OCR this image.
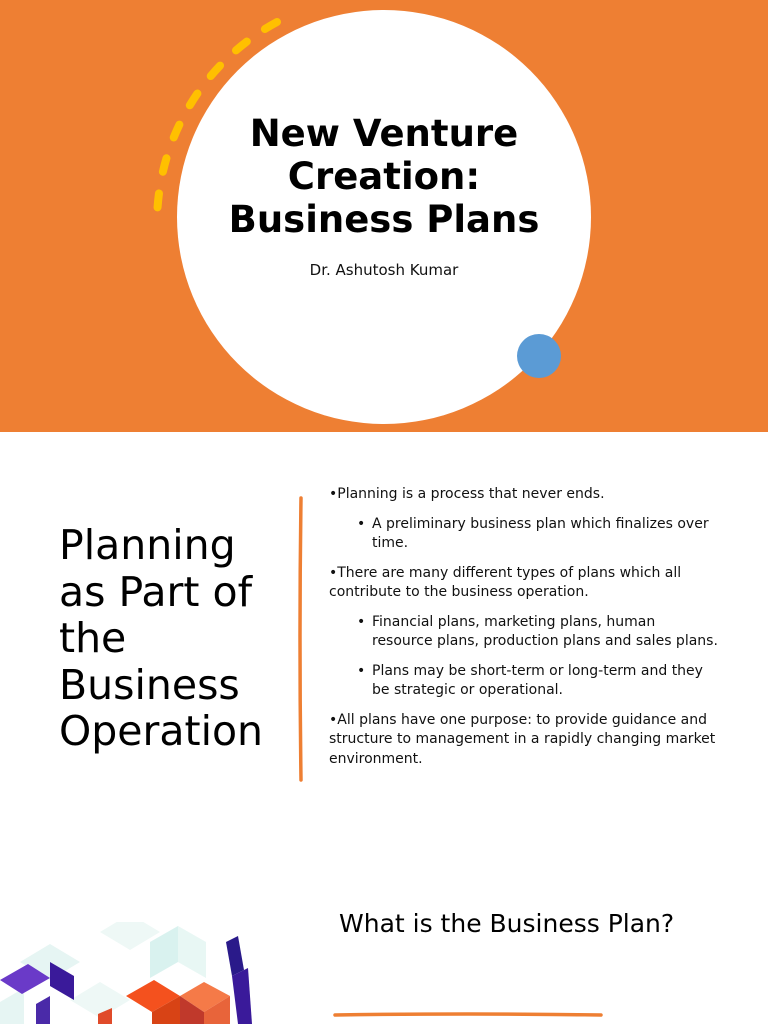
New Venture
Creation:
Business Plans
Dr. Ashutosh Kumar
Planning
as Part of
the
Business
Operation
•Planning is a process that never ends.
• A preliminary business plan which finalizes over time.
•There are many different types of plans which all contribute to the business operation.
• Financial plans, marketing plans, human resource plans, production plans and sales plans.
• Plans may be short-term or long-term and they be strategic or operational.
•All plans have one purpose: to provide guidance and structure to management in a rapidly changing market environment.
What is the Business Plan?
